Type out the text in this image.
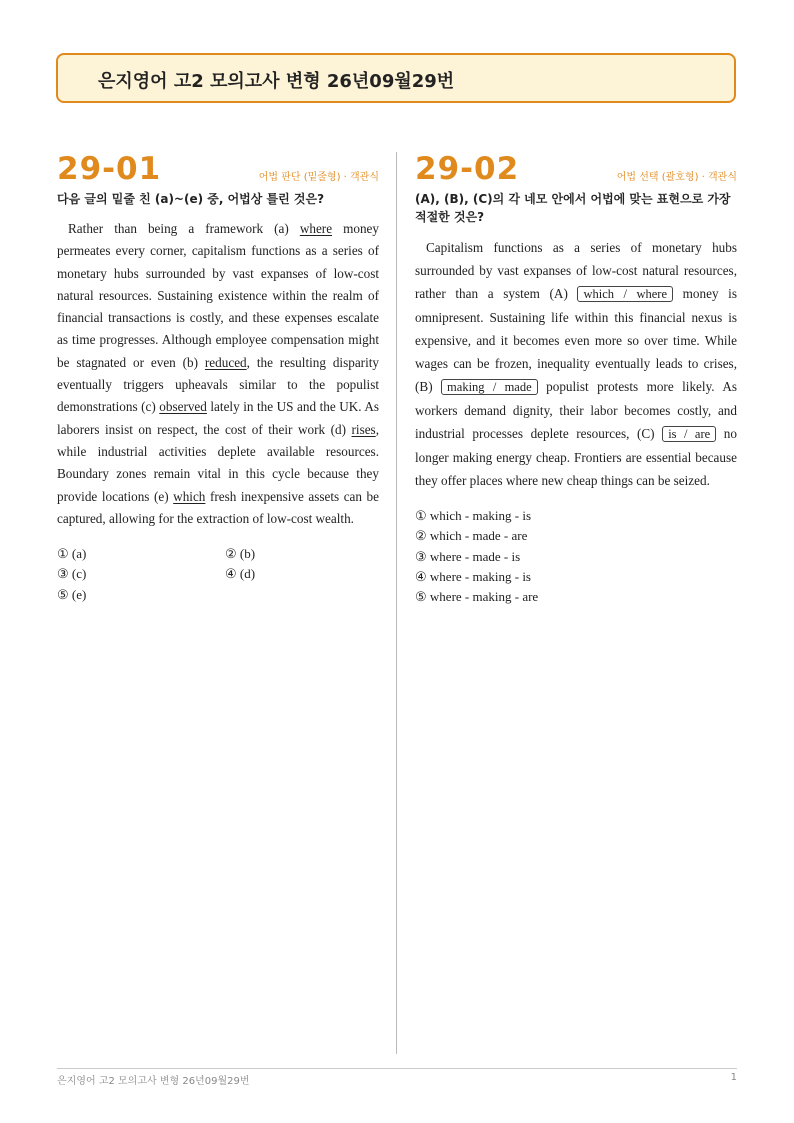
은지영어 고2 모의고사 변형 26년09월29번
29-01	어법 판단 (밑줄형) · 객관식
다음 글의 밑줄 친 (a)~(e) 중, 어법상 틀린 것은?
Rather than being a framework (a) where money permeates every corner, capitalism functions as a series of monetary hubs surrounded by vast expanses of low-cost natural resources. Sustaining existence within the realm of financial transactions is costly, and these expenses escalate as time progresses. Although employee compensation might be stagnated or even (b) reduced, the resulting disparity eventually triggers upheavals similar to the populist demonstrations (c) observed lately in the US and the UK. As laborers insist on respect, the cost of their work (d) rises, while industrial activities deplete available resources. Boundary zones remain vital in this cycle because they provide locations (e) which fresh inexpensive assets can be captured, allowing for the extraction of low-cost wealth.
① (a)	② (b)
③ (c)	④ (d)
⑤ (e)
29-02	어법 선택 (괄호형) · 객관식
(A), (B), (C)의 각 네모 안에서 어법에 맞는 표현으로 가장 적절한 것은?
Capitalism functions as a series of monetary hubs surrounded by vast expanses of low-cost natural resources, rather than a system (A) which / where money is omnipresent. Sustaining life within this financial nexus is expensive, and it becomes even more so over time. While wages can be frozen, inequality eventually leads to crises, (B) making / made populist protests more likely. As workers demand dignity, their labor becomes costly, and industrial processes deplete resources, (C) is / are no longer making energy cheap. Frontiers are essential because they offer places where new cheap things can be seized.
① which - making - is
② which - made - are
③ where - made - is
④ where - making - is
⑤ where - making - are
은지영어 고2 모의고사 변형 26년09월29번	1
